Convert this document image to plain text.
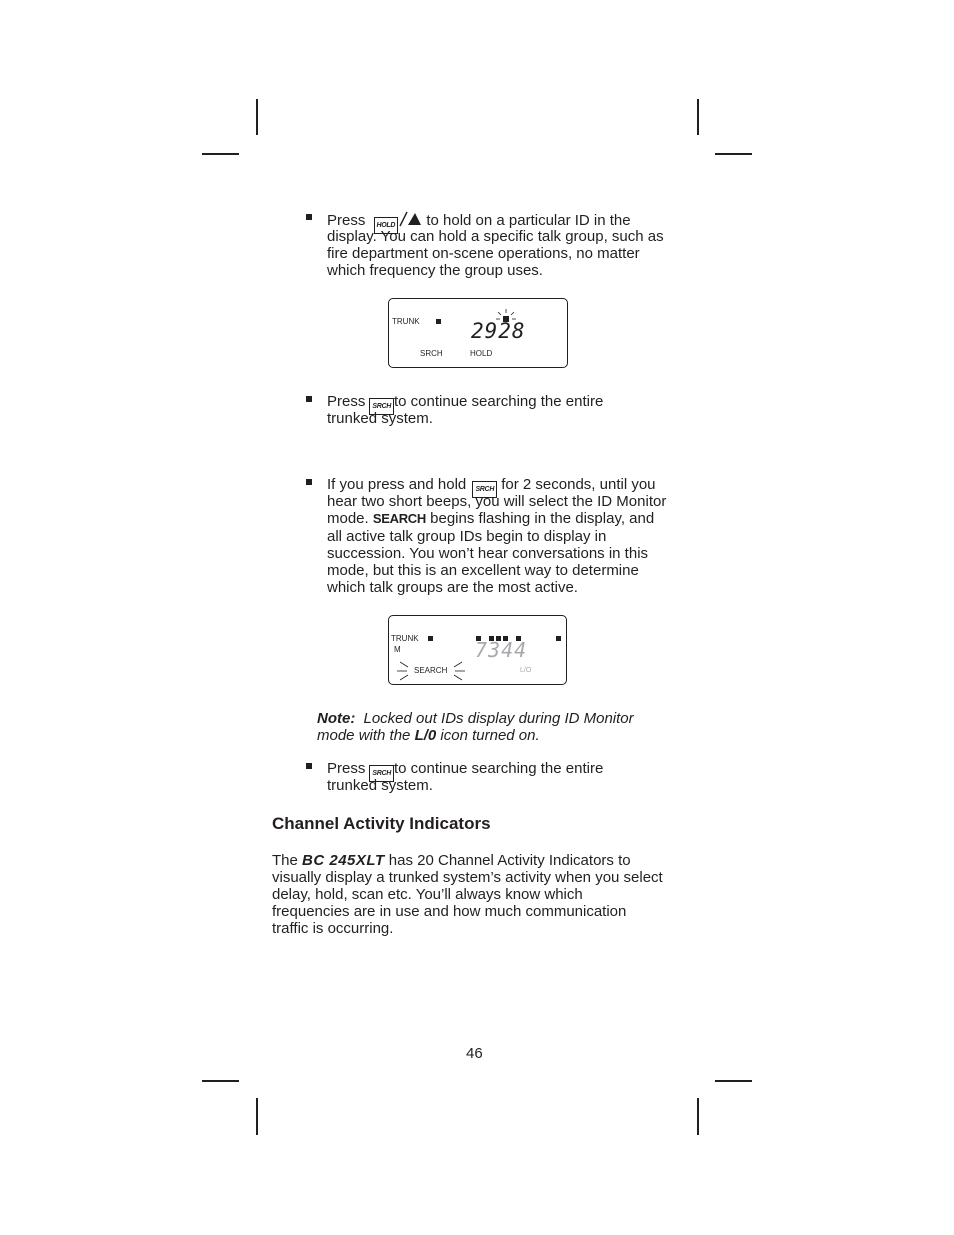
Press HOLD to hold on a particular ID in the
display. You can hold a specific talk group, such as
fire department on-scene operations, no matter
which frequency the group uses.
TRUNK 2928
SRCH	HOLD
Press SRCH to continue searching the entire
trunked system.
If you press and hold SRCH for 2 seconds, until you
hear two short beeps, you will select the ID Monitor
mode. SEARCH begins flashing in the display, and
all active talk group IDs begin to display in
succession. You won’t hear conversations in this
mode, but this is an excellent way to determine
which talk groups are the most active.
TRUNK
M	7344
SEARCH	L/O
Note: Locked out IDs display during ID Monitor
mode with the L/0 icon turned on.
Press SRCH to continue searching the entire
trunked system.
Channel Activity Indicators
The BC 245XLT has 20 Channel Activity Indicators to
visually display a trunked system’s activity when you select
delay, hold, scan etc. You’ll always know which
frequencies are in use and how much communication
traffic is occurring.
46
